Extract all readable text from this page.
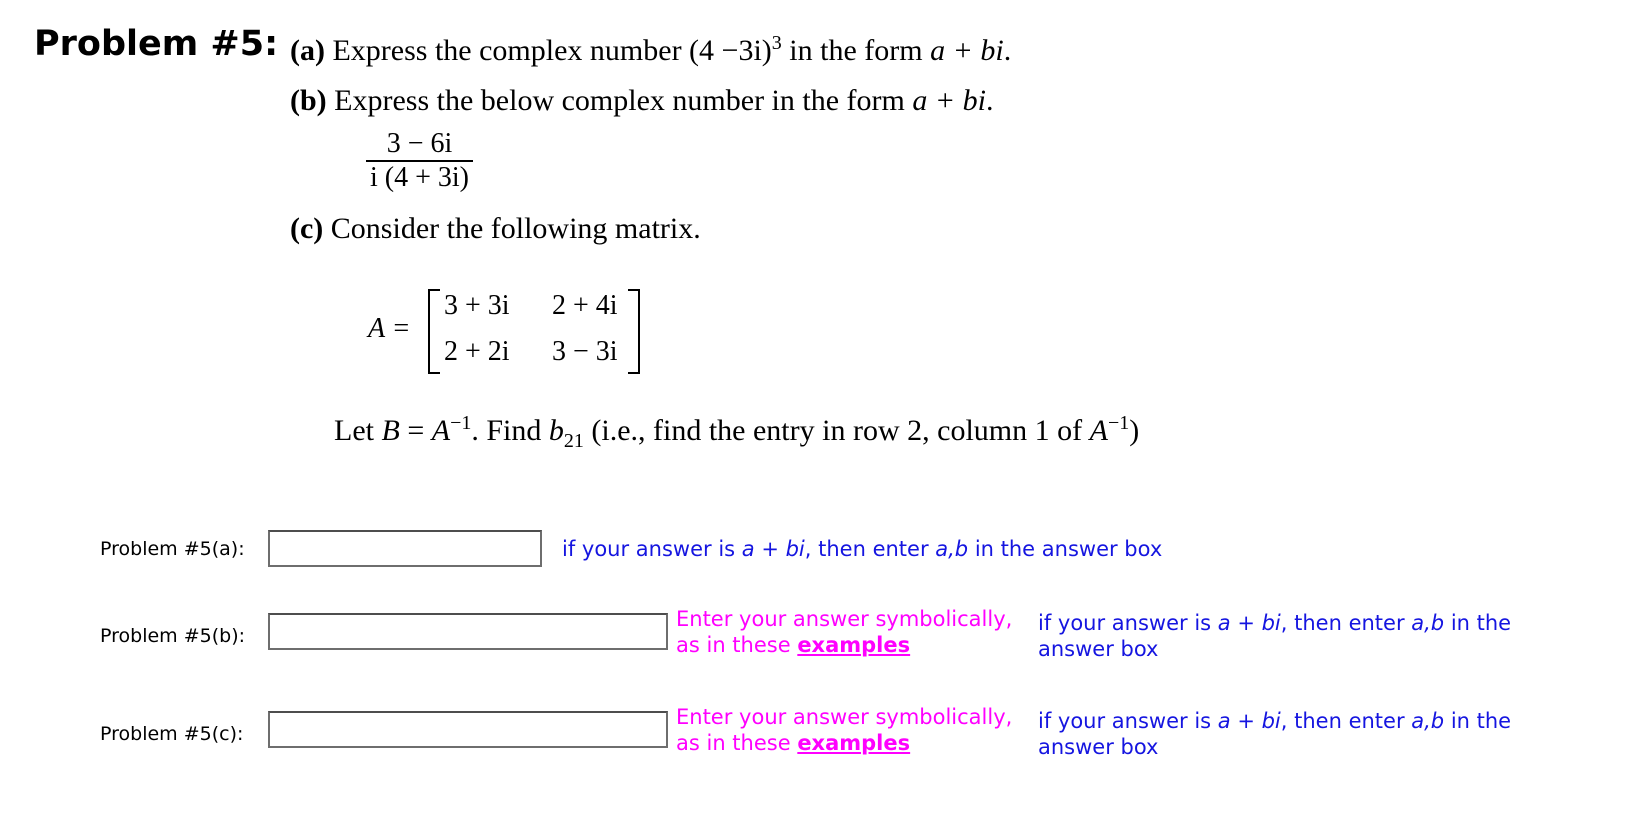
Problem #5: (a) Express the complex number $(4 -3i)^3$ in the form a + bi.
(b) Express the below complex number in the form a + bi.
$\frac{3 - 6i}{i (4 + 3i)}$
(c) Consider the following matrix.
A =
3 + 3i 2 + 4i
2 + 2i 3 − 3i
Let $B = A^{-1}$. Find $b_{21}$ (i.e., find the entry in row 2, column 1 of $A^{-1}$)
Problem #5(a):	if your answer is a + bi, then enter a,b in the answer box
Problem #5(b):
Enter your answer symbolically,
as in these examples
if your answer is a + bi, then enter a,b in the
answer box
Problem #5(c):
Enter your answer symbolically,
as in these examples
if your answer is a + bi, then enter a,b in the
answer box
